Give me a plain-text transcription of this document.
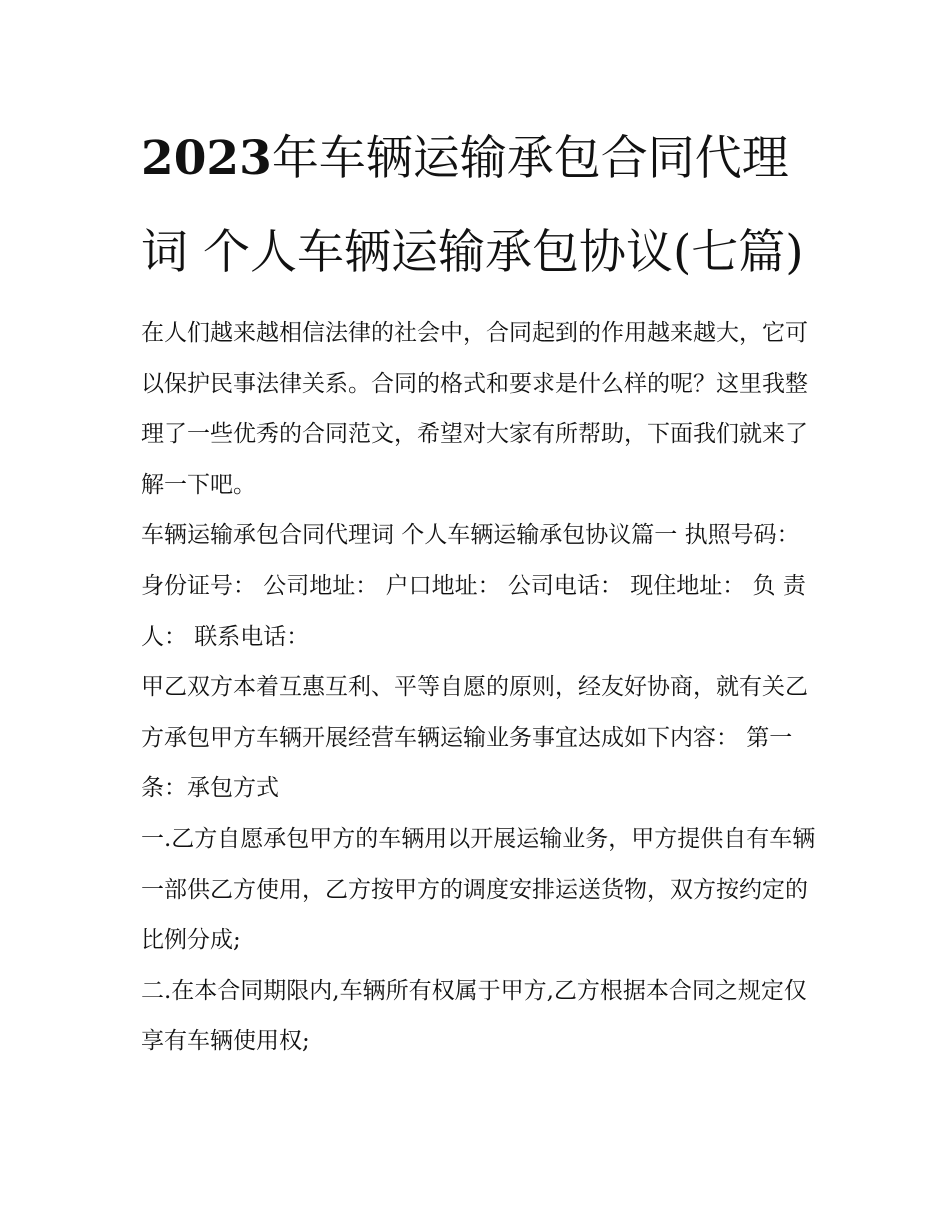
2023年车辆运输承包合同代理词 个人车辆运输承包协议(七篇)

在人们越来越相信法律的社会中，合同起到的作用越来越大，它可以保护民事法律关系。合同的格式和要求是什么样的呢？这里我整理了一些优秀的合同范文，希望对大家有所帮助，下面我们就来了解一下吧。

车辆运输承包合同代理词 个人车辆运输承包协议篇一 执照号码： 身份证号： 公司地址： 户口地址： 公司电话： 现住地址： 负 责 人： 联系电话：

甲乙双方本着互惠互利、平等自愿的原则，经友好协商，就有关乙方承包甲方车辆开展经营车辆运输业务事宜达成如下内容： 第一条：承包方式

一.乙方自愿承包甲方的车辆用以开展运输业务，甲方提供自有车辆一部供乙方使用，乙方按甲方的调度安排运送货物，双方按约定的比例分成;

二.在本合同期限内,车辆所有权属于甲方,乙方根据本合同之规定仅享有车辆使用权;
